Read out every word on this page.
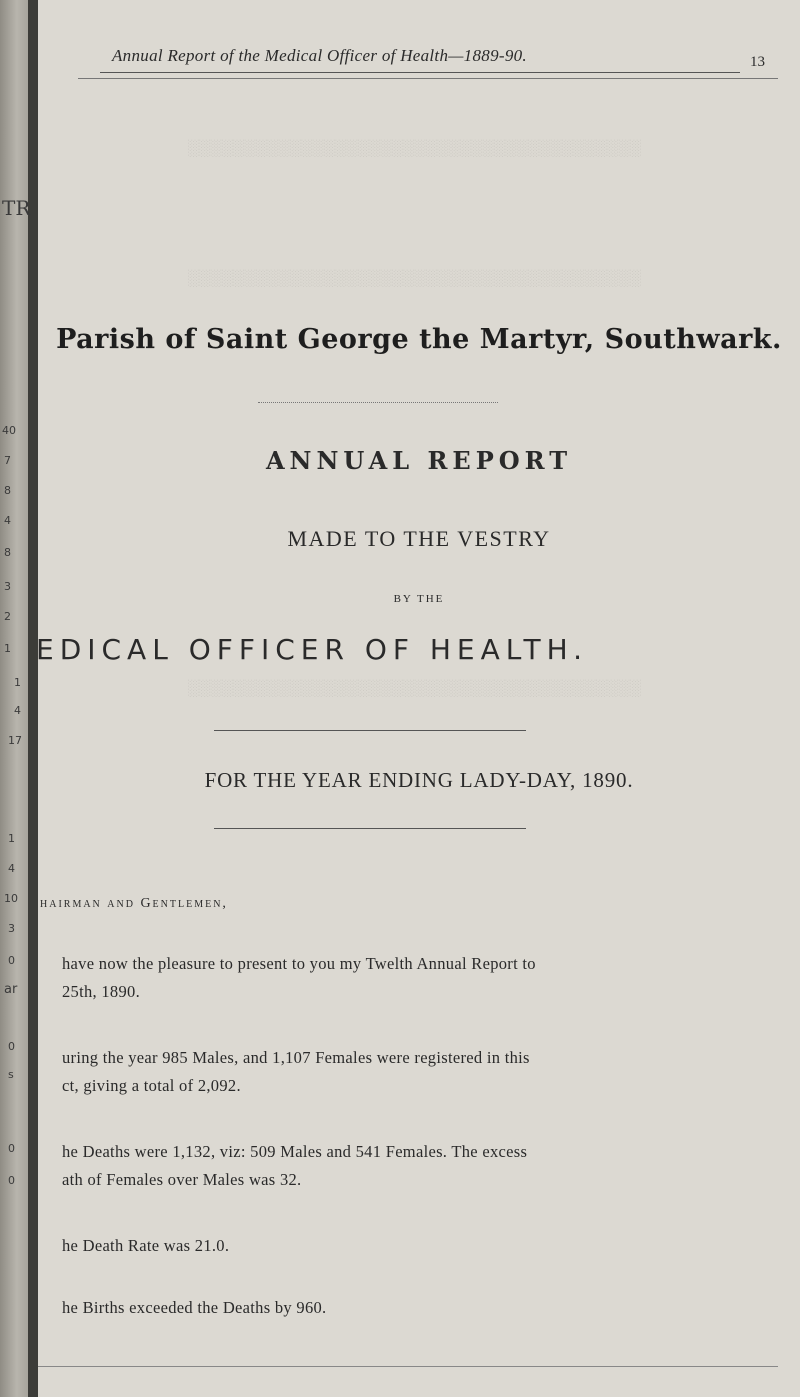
TR
40
7
8
4
8
3
2
1
1
4
17
1
4
10
3
0
ar
0
s
0
0
░░░░░░░░░░░░░░░░░░░░░░░░░░░░░░░░░░░░░░░░
░░░░░░░░░░░░░░░░░░░░░░░░░░░░░░░░░░░░░░░░
░░░░░░░░░░░░░░░░░░░░░░░░░░░░░░░░░░░░░░░░
Annual Report of the Medical Officer of Health—1889-90.	13
Parish of Saint George the Martyr, Southwark.
ANNUAL REPORT
MADE TO THE VESTRY
BY THE
EDICAL OFFICER OF HEALTH.
FOR THE YEAR ENDING LADY-DAY, 1890.
hairman and Gentlemen,
have now the pleasure to present to you my Twelth Annual Report to
25th, 1890.
uring the year 985 Males, and 1,107 Females were registered in this
ct, giving a total of 2,092.
he Deaths were 1,132, viz: 509 Males and 541 Females. The excess
ath of Females over Males was 32.
he Death Rate was 21.0.
he Births exceeded the Deaths by 960.
